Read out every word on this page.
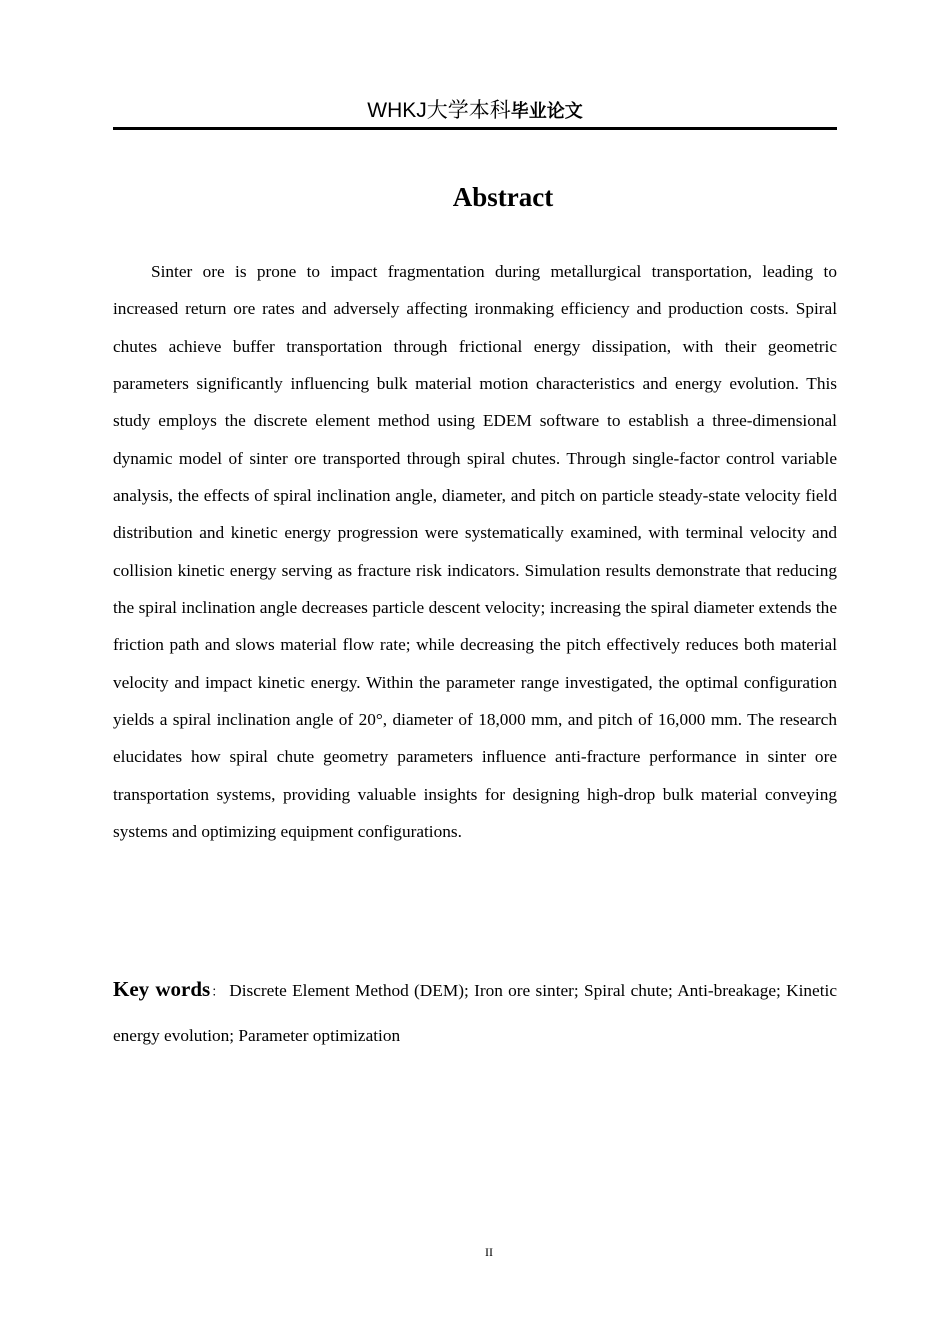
WHKJ大学本科毕业论文
Abstract

Sinter ore is prone to impact fragmentation during metallurgical transportation, leading to increased return ore rates and adversely affecting ironmaking efficiency and production costs. Spiral chutes achieve buffer transportation through frictional energy dissipation, with their geometric parameters significantly influencing bulk material motion characteristics and energy evolution. This study employs the discrete element method using EDEM software to establish a three-dimensional dynamic model of sinter ore transported through spiral chutes. Through single-factor control variable analysis, the effects of spiral inclination angle, diameter, and pitch on particle steady-state velocity field distribution and kinetic energy progression were systematically examined, with terminal velocity and collision kinetic energy serving as fracture risk indicators. Simulation results demonstrate that reducing the spiral inclination angle decreases particle descent velocity; increasing the spiral diameter extends the friction path and slows material flow rate; while decreasing the pitch effectively reduces both material velocity and impact kinetic energy. Within the parameter range investigated, the optimal configuration yields a spiral inclination angle of 20°, diameter of 18,000 mm, and pitch of 16,000 mm. The research elucidates how spiral chute geometry parameters influence anti-fracture performance in sinter ore transportation systems, providing valuable insights for designing high-drop bulk material conveying systems and optimizing equipment configurations.

Key words： Discrete Element Method (DEM); Iron ore sinter; Spiral chute; Anti-breakage; Kinetic energy evolution; Parameter optimization

II
